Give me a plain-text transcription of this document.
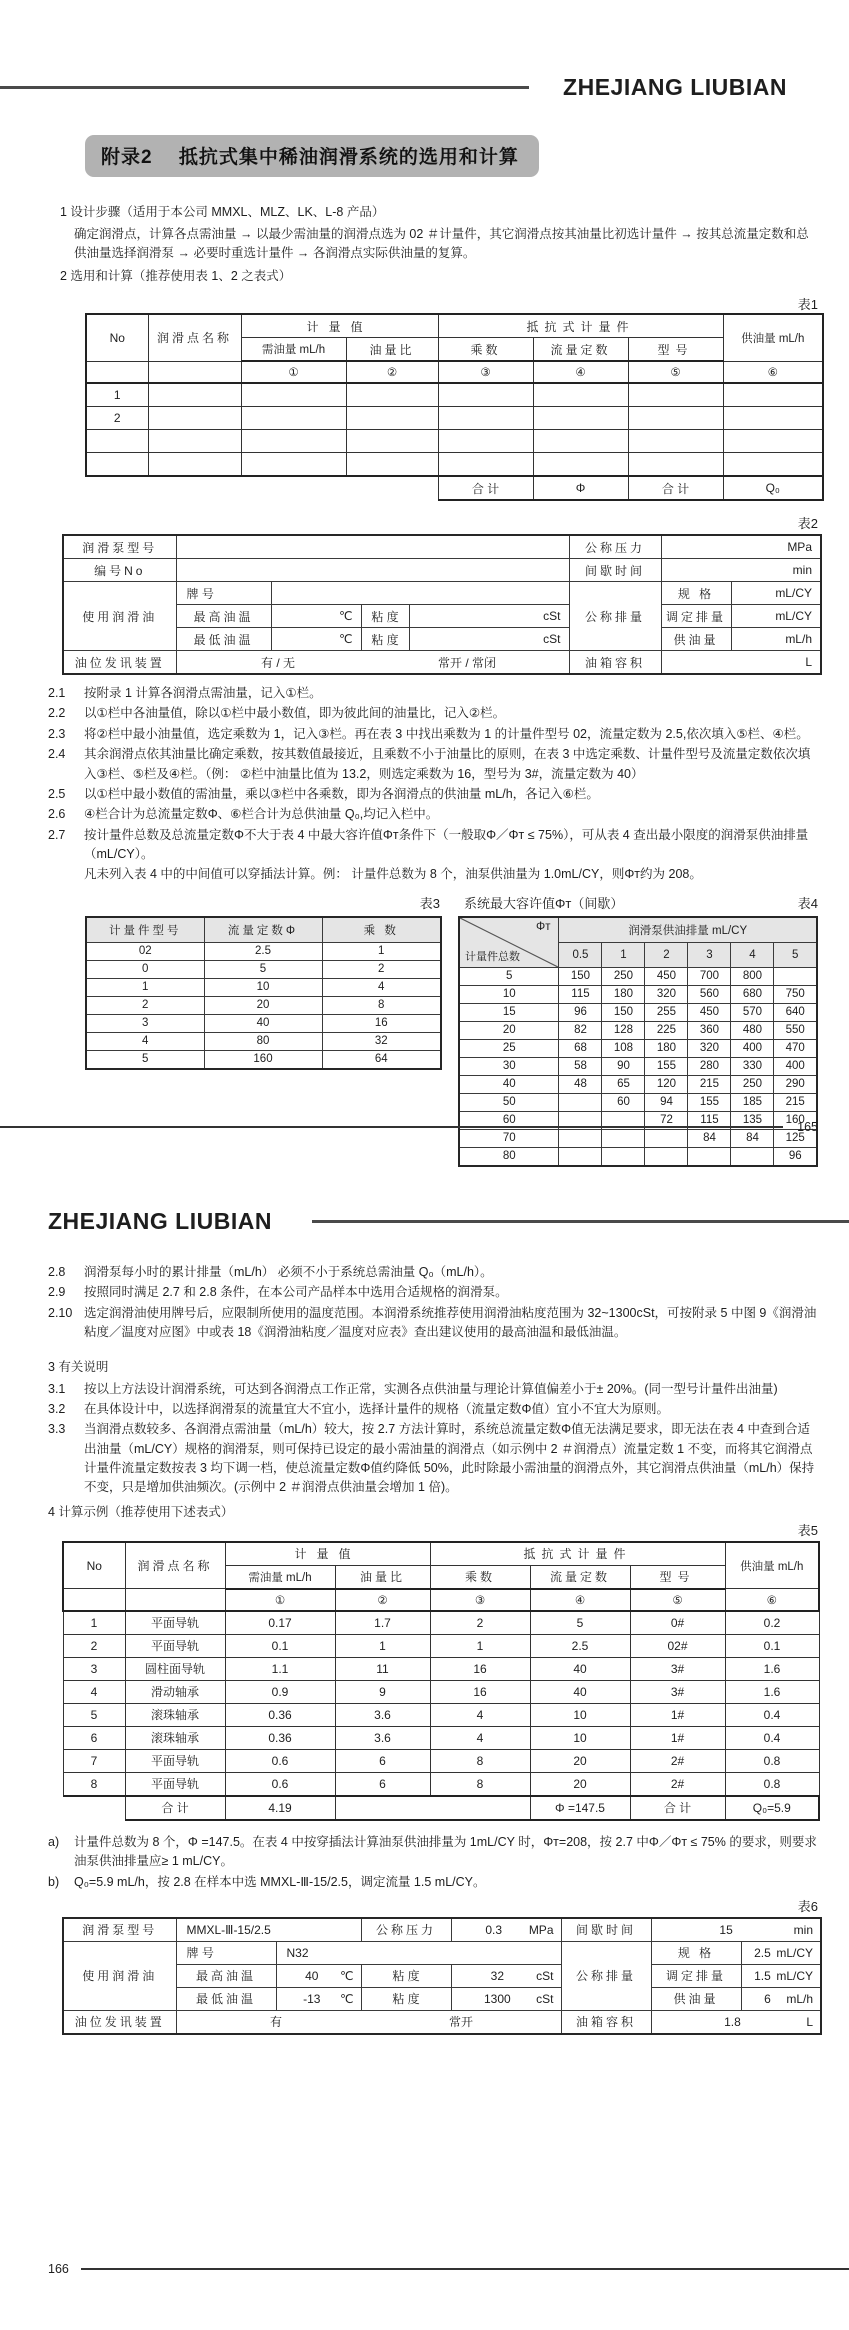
ZHEJIANG LIUBIAN
附录2　 抵抗式集中稀油润滑系统的选用和计算
1 设计步骤（适用于本公司 MMXL、MLZ、LK、L-8 产品）
确定润滑点，计算各点需油量 → 以最少需油量的润滑点选为 02 ＃计量件，其它润滑点按其油量比初选计量件 → 按其总流量定数和总供油量选择润滑泵 → 必要时重选计量件 → 各润滑点实际供油量的复算。
2 选用和计算（推荐使用表 1、2 之表式）
表1
No	润滑点名称	计量值		抵抗式计量件			供油量 mL/h
		需油量 mL/h	油量比	乘数	流量定数	型号	
		①	②	③	④	⑤	⑥
1							
2							

				合 计	Φ	合 计	Q₀
表2
润滑泵型号					公称压力	MPa	
编号No					间歇时间	min	
使用润滑油	牌 号				公称排量	规 格	mL/CY
	最高油温	℃	粘 度	cSt		调定排量	mL/CY
	最低油温	℃	粘 度	cSt		供油量	mL/h
油位发讯装置	有 / 无 常开 / 常闭				油箱容积	L	
2.1	按附录 1 计算各润滑点需油量，记入①栏。
2.2	以①栏中各油量值，除以①栏中最小数值，即为彼此间的油量比，记入②栏。
2.3	将②栏中最小油量值，选定乘数为 1，记入③栏。再在表 3 中找出乘数为 1 的计量件型号 02，流量定数为 2.5,依次填入⑤栏、④栏。
2.4	其余润滑点依其油量比确定乘数，按其数值最接近，且乘数不小于油量比的原则，在表 3 中选定乘数、计量件型号及流量定数依次填入③栏、⑤栏及④栏。（例： ②栏中油量比值为 13.2，则选定乘数为 16，型号为 3#，流量定数为 40）
2.5	以①栏中最小数值的需油量，乘以③栏中各乘数，即为各润滑点的供油量 mL/h，各记入⑥栏。
2.6	④栏合计为总流量定数Φ、⑥栏合计为总供油量 Q₀,均记入栏中。
2.7	按计量件总数及总流量定数Φ不大于表 4 中最大容许值Φᴛ条件下（一般取Φ／Φᴛ ≤ 75%），可从表 4 查出最小限度的润滑泵供油排量（mL/CY）。
凡未列入表 4 中的中间值可以穿插法计算。例： 计量件总数为 8 个，油泵供油量为 1.0mL/CY，则Φᴛ约为 208。
表3 系统最大容许值Φᴛ（间歇）	表4
计量件型号	流量定数Φ	乘 数
02	2.5	1
0	5	2
1	10	4
2	20	8
3	40	16
4	80	32
5	160	64
Φᴛ
计量件总数	润滑泵供油排量 mL/CY					
	0.5	1	2	3	4	5
5	150	250	450	700	800	
10	115	180	320	560	680	750
15	96	150	255	450	570	640
20	82	128	225	360	480	550
25	68	108	180	320	400	470
30	58	90	155	280	330	400
40	48	65	120	215	250	290
50		60	94	155	185	215
60			72	115	135	160
70				84	84	125
80						96
165
ZHEJIANG LIUBIAN
2.8	润滑泵每小时的累计排量（mL/h） 必须不小于系统总需油量 Q₀（mL/h）。
2.9	按照同时满足 2.7 和 2.8 条件，在本公司产品样本中选用合适规格的润滑泵。
2.10 选定润滑油使用牌号后，应限制所使用的温度范围。本润滑系统推荐使用润滑油粘度范围为 32~1300cSt，可按附录 5 中图 9《润滑油粘度／温度对应图》中或表 18《润滑油粘度／温度对应表》查出建议使用的最高油温和最低油温。
3 有关说明
3.1	按以上方法设计润滑系统，可达到各润滑点工作正常，实测各点供油量与理论计算值偏差小于± 20%。(同一型号计量件出油量)
3.2	在具体设计中，以选择润滑泵的流量宜大不宜小，选择计量件的规格（流量定数Φ值）宜小不宜大为原则。
3.3	当润滑点数较多、各润滑点需油量（mL/h）较大，按 2.7 方法计算时，系统总流量定数Φ值无法满足要求，即无法在表 4 中查到合适出油量（mL/CY）规格的润滑泵，则可保持已设定的最小需油量的润滑点（如示例中 2 ＃润滑点）流量定数 1 不变，而将其它润滑点计量件流量定数按表 3 均下调一档，使总流量定数Φ值约降低 50%，此时除最小需油量的润滑点外，其它润滑点供油量（mL/h）保持不变，只是增加供油频次。(示例中 2 ＃润滑点供油量会增加 1 倍)。
4 计算示例（推荐使用下述表式）
表5
No	润滑点名称	计量值		抵抗式计量件			供油量 mL/h
		需油量 mL/h	油量比	乘数	流量定数	型号	
		①	②	③	④	⑤	⑥
1	平面导轨	0.17	1.7	2	5	0#	0.2
2	平面导轨	0.1	1	1	2.5	02#	0.1
3	圆柱面导轨	1.1	11	16	40	3#	1.6
4	滑动轴承	0.9	9	16	40	3#	1.6
5	滚珠轴承	0.36	3.6	4	10	1#	0.4
6	滚珠轴承	0.36	3.6	4	10	1#	0.4
7	平面导轨	0.6	6	8	20	2#	0.8
8	平面导轨	0.6	6	8	20	2#	0.8
	合 计	4.19			Φ =147.5	合 计	Q₀=5.9
a)	计量件总数为 8 个，Φ =147.5。在表 4 中按穿插法计算油泵供油排量为 1mL/CY 时，Φᴛ=208，按 2.7 中Φ／Φᴛ ≤ 75% 的要求，则要求油泵供油排量应≥ 1 mL/CY。
b)	Q₀=5.9 mL/h，按 2.8 在样本中选 MMXL-Ⅲ-15/2.5，调定流量 1.5 mL/CY。
表6
润滑泵型号	MMXL-Ⅲ-15/2.5		公称压力	0.3 MPa	间歇时间	15 min	

使用润滑油	牌 号	N32			公称排量	规 格	2.5 mL/CY

	最高油温	40 ℃	粘 度	32 cSt		调定排量	1.5 mL/CY

	最低油温	-13 ℃	粘 度	1300 cSt		供油量	6 mL/h

油位发讯装置	有 常开				油箱容积	1.8 L	
166
